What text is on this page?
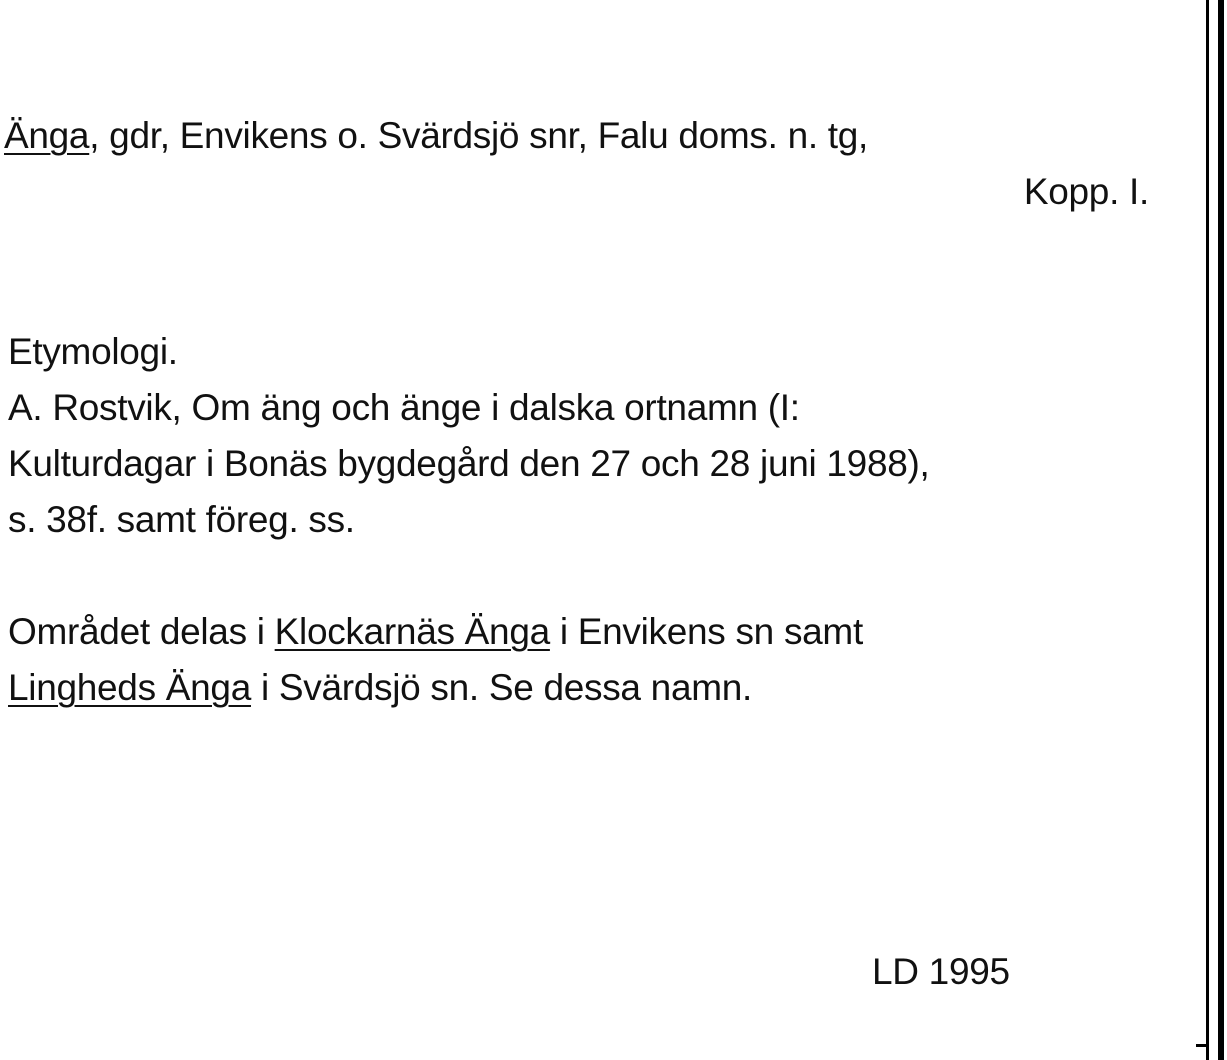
Änga, gdr, Envikens o. Svärdsjö snr, Falu doms. n. tg,
Kopp. I.
Etymologi.
A. Rostvik, Om äng och änge i dalska ortnamn (I:
Kulturdagar i Bonäs bygdegård den 27 och 28 juni 1988),
s. 38f. samt föreg. ss.
Området delas i Klockarnäs Änga i Envikens sn samt
Lingheds Änga i Svärdsjö sn. Se dessa namn.
LD 1995
